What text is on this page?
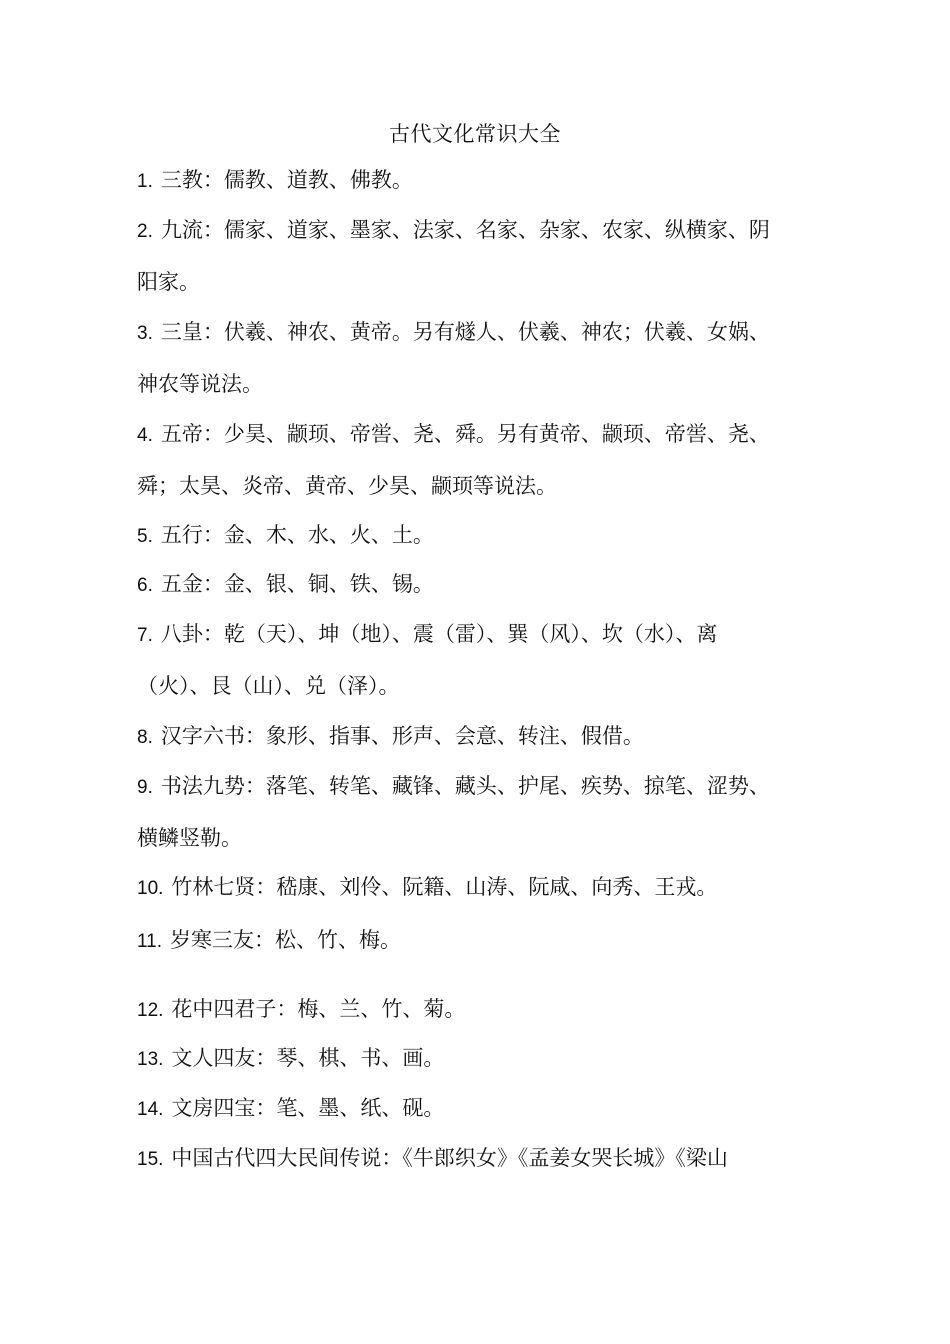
古代文化常识大全
1. 三教：儒教、道教、佛教。
2. 九流：儒家、道家、墨家、法家、名家、杂家、农家、纵横家、阴
阳家。
3. 三皇：伏羲、神农、黄帝。另有燧人、伏羲、神农；伏羲、女娲、
神农等说法。
4. 五帝：少昊、颛顼、帝喾、尧、舜。另有黄帝、颛顼、帝喾、尧、
舜；太昊、炎帝、黄帝、少昊、颛顼等说法。
5. 五行：金、木、水、火、土。
6. 五金：金、银、铜、铁、锡。
7. 八卦：乾（天）、坤（地）、震（雷）、巽（风）、坎（水）、离
（火）、艮（山）、兑（泽）。
8. 汉字六书：象形、指事、形声、会意、转注、假借。
9. 书法九势：落笔、转笔、藏锋、藏头、护尾、疾势、掠笔、涩势、
横鳞竖勒。
10. 竹林七贤：嵇康、刘伶、阮籍、山涛、阮咸、向秀、王戎。
11. 岁寒三友：松、竹、梅。
12. 花中四君子：梅、兰、竹、菊。
13. 文人四友：琴、棋、书、画。
14. 文房四宝：笔、墨、纸、砚。
15. 中国古代四大民间传说：《牛郎织女》《孟姜女哭长城》《梁山
